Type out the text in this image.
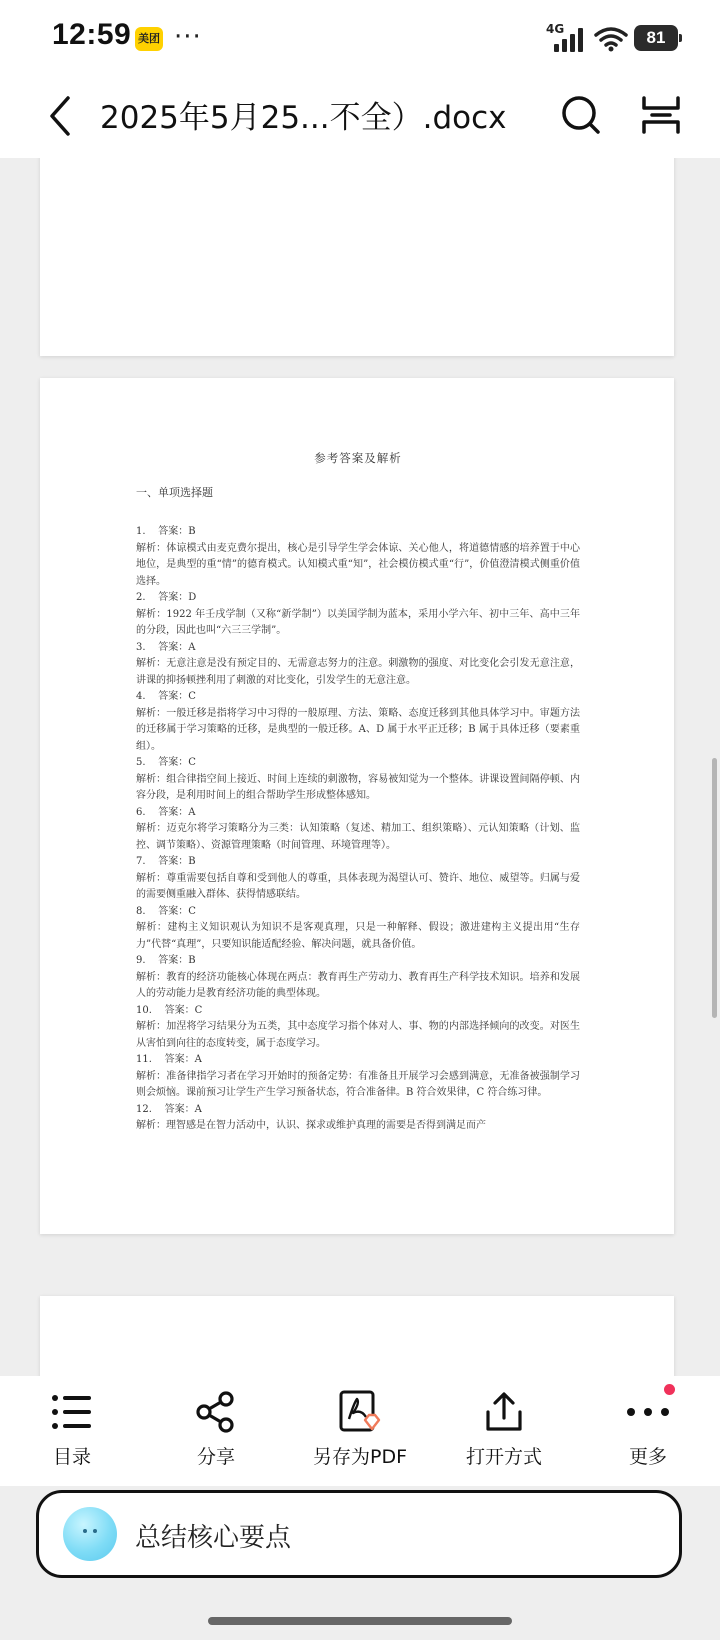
12:59 美团 ···	4G	81
2025年5月25...不全）.docx
参考答案及解析
一、单项选择题
1.    答案：B
解析：体谅模式由麦克费尔提出，核心是引导学生学会体谅、关心他人，将道德情感的培养置于中心地位，是典型的重“情”的德育模式。认知模式重“知”，社会模仿模式重“行”，价值澄清模式侧重价值选择。
2.    答案：D
解析：1922 年壬戌学制（又称“新学制”）以美国学制为蓝本，采用小学六年、初中三年、高中三年的分段，因此也叫“六三三学制”。
3.    答案：A
解析：无意注意是没有预定目的、无需意志努力的注意。刺激物的强度、对比变化会引发无意注意，讲课的抑扬顿挫利用了刺激的对比变化，引发学生的无意注意。
4.    答案：C
解析：一般迁移是指将学习中习得的一般原理、方法、策略、态度迁移到其他具体学习中。审题方法的迁移属于学习策略的迁移，是典型的一般迁移。A、D 属于水平正迁移；B 属于具体迁移（要素重组）。
5.    答案：C
解析：组合律指空间上接近、时间上连续的刺激物，容易被知觉为一个整体。讲课设置间隔停顿、内容分段，是利用时间上的组合帮助学生形成整体感知。
6.    答案：A
解析：迈克尔将学习策略分为三类：认知策略（复述、精加工、组织策略）、元认知策略（计划、监控、调节策略）、资源管理策略（时间管理、环境管理等）。
7.    答案：B
解析：尊重需要包括自尊和受到他人的尊重，具体表现为渴望认可、赞许、地位、威望等。归属与爱的需要侧重融入群体、获得情感联结。
8.    答案：C
解析：建构主义知识观认为知识不是客观真理，只是一种解释、假设；激进建构主义提出用“生存力”代替“真理”，只要知识能适配经验、解决问题，就具备价值。
9.    答案：B
解析：教育的经济功能核心体现在两点：教育再生产劳动力、教育再生产科学技术知识。培养和发展人的劳动能力是教育经济功能的典型体现。
10.    答案：C
解析：加涅将学习结果分为五类，其中态度学习指个体对人、事、物的内部选择倾向的改变。对医生从害怕到向往的态度转变，属于态度学习。
11.    答案：A
解析：准备律指学习者在学习开始时的预备定势：有准备且开展学习会感到满意，无准备被强制学习则会烦恼。课前预习让学生产生学习预备状态，符合准备律。B 符合效果律，C 符合练习律。
12.    答案：A
解析：理智感是在智力活动中，认识、探求或维护真理的需要是否得到满足而产
目录	分享	另存为PDF	打开方式	更多
总结核心要点
